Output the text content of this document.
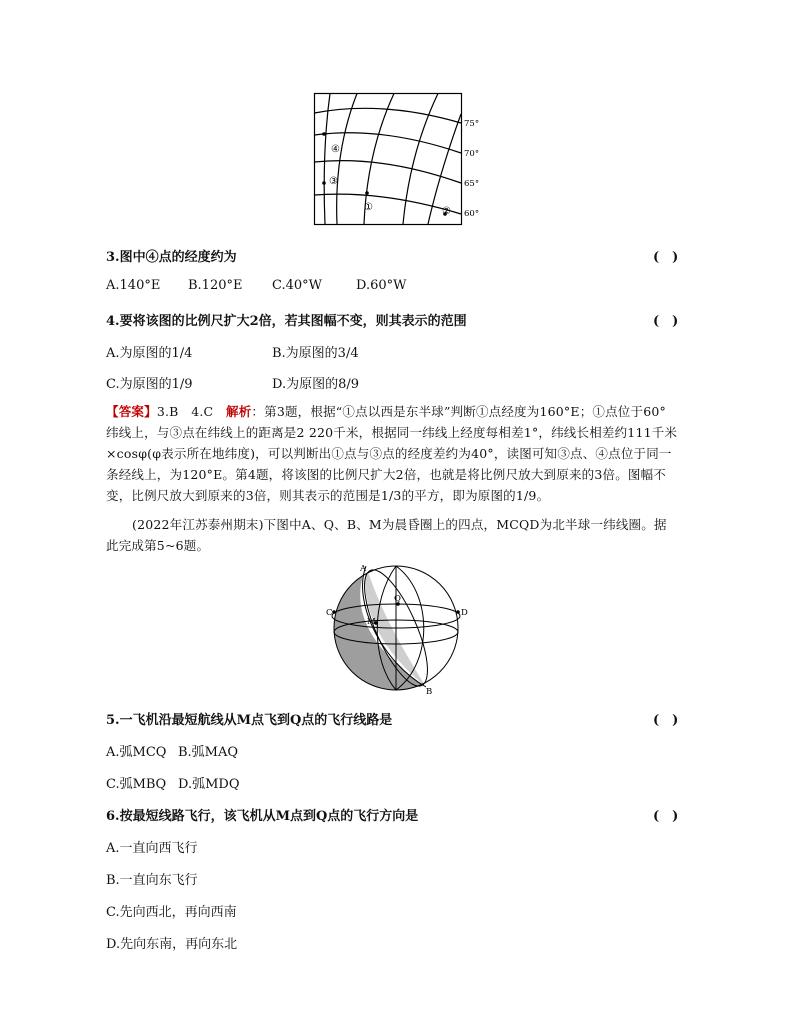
④
③
①	②
75°
70°
65°
60°
3.图中④点的经度约为	(　)
A.140°E B.120°E C.40°W	D.60°W
4.要将该图的比例尺扩大2倍，若其图幅不变，则其表示的范围	(　)
A.为原图的1/4	B.为原图的3/4
C.为原图的1/9	D.为原图的8/9
【答案】3.B　4.C　解析：第3题，根据“①点以西是东半球”判断①点经度为160°E；①点位于60°
纬线上，与③点在纬线上的距离是2 220千米，根据同一纬线上经度每相差1°，纬线长相差约111千米
×cosφ(φ表示所在地纬度)，可以判断出①点与③点的经度差约为40°，读图可知③点、④点位于同一
条经线上，为120°E。第4题，将该图的比例尺扩大2倍，也就是将比例尺放大到原来的3倍。图幅不
变，比例尺放大到原来的3倍，则其表示的范围是1/3的平方，即为原图的1/9。
(2022年江苏泰州期末)下图中A、Q、B、M为晨昏圈上的四点，MCQD为北半球一纬线圈。据
此完成第5~6题。
A
Q
C
M
D
B
5.一飞机沿最短航线从M点飞到Q点的飞行线路是	(　)
A.弧MCQ B.弧MAQ
C.弧MBQ D.弧MDQ
6.按最短线路飞行，该飞机从M点到Q点的飞行方向是	(　)
A.一直向西飞行
B.一直向东飞行
C.先向西北，再向西南
D.先向东南，再向东北
